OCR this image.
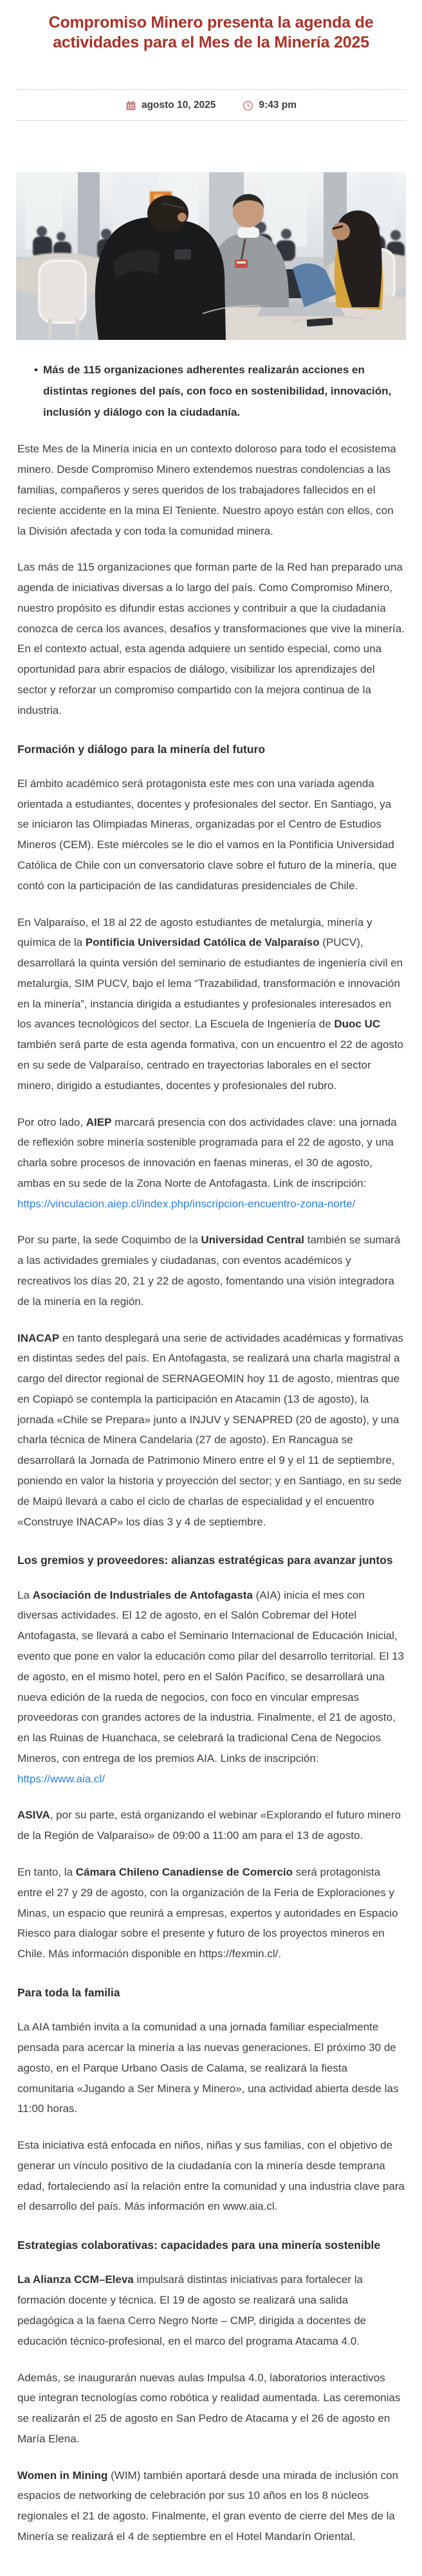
Compromiso Minero presenta la agenda de actividades para el Mes de la Minería 2025
agosto 10, 2025	9:43 pm
• Más de 115 organizaciones adherentes realizarán acciones en distintas regiones del país, con foco en sostenibilidad, innovación, inclusión y diálogo con la ciudadanía.

Este Mes de la Minería inicia en un contexto doloroso para todo el ecosistema minero. Desde Compromiso Minero extendemos nuestras condolencias a las familias, compañeros y seres queridos de los trabajadores fallecidos en el reciente accidente en la mina El Teniente. Nuestro apoyo están con ellos, con la División afectada y con toda la comunidad minera.

Las más de 115 organizaciones que forman parte de la Red han preparado una agenda de iniciativas diversas a lo largo del país. Como Compromiso Minero, nuestro propósito es difundir estas acciones y contribuir a que la ciudadanía conozca de cerca los avances, desafíos y transformaciones que vive la minería. En el contexto actual, esta agenda adquiere un sentido especial, como una oportunidad para abrir espacios de diálogo, visibilizar los aprendizajes del sector y reforzar un compromiso compartido con la mejora continua de la industria.

Formación y diálogo para la minería del futuro

El ámbito académico será protagonista este mes con una variada agenda orientada a estudiantes, docentes y profesionales del sector. En Santiago, ya se iniciaron las Olimpiadas Mineras, organizadas por el Centro de Estudios Mineros (CEM). Este miércoles se le dio el vamos en la Pontificia Universidad Católica de Chile con un conversatorio clave sobre el futuro de la minería, que contó con la participación de las candidaturas presidenciales de Chile.

En Valparaíso, el 18 al 22 de agosto estudiantes de metalurgia, minería y química de la Pontificia Universidad Católica de Valparaíso (PUCV), desarrollará la quinta versión del seminario de estudiantes de ingeniería civil en metalurgia, SIM PUCV, bajo el lema “Trazabilidad, transformación e innovación en la minería”, instancia dirigida a estudiantes y profesionales interesados en los avances tecnológicos del sector. La Escuela de Ingeniería de Duoc UC también será parte de esta agenda formativa, con un encuentro el 22 de agosto en su sede de Valparaíso, centrado en trayectorias laborales en el sector minero, dirigido a estudiantes, docentes y profesionales del rubro.

Por otro lado, AIEP marcará presencia con dos actividades clave: una jornada de reflexión sobre minería sostenible programada para el 22 de agosto, y una charla sobre procesos de innovación en faenas mineras, el 30 de agosto, ambas en su sede de la Zona Norte de Antofagasta. Link de inscripción: https://vinculacion.aiep.cl/index.php/inscripcion-encuentro-zona-norte/

Por su parte, la sede Coquimbo de la Universidad Central también se sumará a las actividades gremiales y ciudadanas, con eventos académicos y recreativos los días 20, 21 y 22 de agosto, fomentando una visión integradora de la minería en la región.

INACAP en tanto desplegará una serie de actividades académicas y formativas en distintas sedes del país. En Antofagasta, se realizará una charla magistral a cargo del director regional de SERNAGEOMIN hoy 11 de agosto, mientras que en Copiapó se contempla la participación en Atacamin (13 de agosto), la jornada «Chile se Prepara» junto a INJUV y SENAPRED (20 de agosto), y una charla técnica de Minera Candelaria (27 de agosto). En Rancagua se desarrollará la Jornada de Patrimonio Minero entre el 9 y el 11 de septiembre, poniendo en valor la historia y proyección del sector; y en Santiago, en su sede de Maipú llevará a cabo el ciclo de charlas de especialidad y el encuentro «Construye INACAP» los días 3 y 4 de septiembre.

Los gremios y proveedores: alianzas estratégicas para avanzar juntos

La Asociación de Industriales de Antofagasta (AIA) inicia el mes con diversas actividades. El 12 de agosto, en el Salón Cobremar del Hotel Antofagasta, se llevará a cabo el Seminario Internacional de Educación Inicial, evento que pone en valor la educación como pilar del desarrollo territorial. El 13 de agosto, en el mismo hotel, pero en el Salón Pacífico, se desarrollará una nueva edición de la rueda de negocios, con foco en vincular empresas proveedoras con grandes actores de la industria. Finalmente, el 21 de agosto, en las Ruinas de Huanchaca, se celebrará la tradicional Cena de Negocios Mineros, con entrega de los premios AIA. Links de inscripción: https://www.aia.cl/

ASIVA, por su parte, está organizando el webinar «Explorando el futuro minero de la Región de Valparaíso» de 09:00 a 11:00 am para el 13 de agosto.

En tanto, la Cámara Chileno Canadiense de Comercio será protagonista entre el 27 y 29 de agosto, con la organización de la Feria de Exploraciones y Minas, un espacio que reunirá a empresas, expertos y autoridades en Espacio Riesco para dialogar sobre el presente y futuro de los proyectos mineros en Chile. Más información disponible en https://fexmin.cl/.

Para toda la familia

La AIA también invita a la comunidad a una jornada familiar especialmente pensada para acercar la minería a las nuevas generaciones. El próximo 30 de agosto, en el Parque Urbano Oasis de Calama, se realizará la fiesta comunitaria «Jugando a Ser Minera y Minero», una actividad abierta desde las 11:00 horas.

Esta iniciativa está enfocada en niños, niñas y sus familias, con el objetivo de generar un vínculo positivo de la ciudadanía con la minería desde temprana edad, fortaleciendo así la relación entre la comunidad y una industria clave para el desarrollo del país. Más información en www.aia.cl.

Estrategias colaborativas: capacidades para una minería sostenible

La Alianza CCM–Eleva impulsará distintas iniciativas para fortalecer la formación docente y técnica. El 19 de agosto se realizará una salida pedagógica a la faena Cerro Negro Norte – CMP, dirigida a docentes de educación técnico-profesional, en el marco del programa Atacama 4.0.

Además, se inaugurarán nuevas aulas Impulsa 4.0, laboratorios interactivos que integran tecnologías como robótica y realidad aumentada. Las ceremonias se realizarán el 25 de agosto en San Pedro de Atacama y el 26 de agosto en María Elena.

Women in Mining (WIM) también aportará desde una mirada de inclusión con espacios de networking de celebración por sus 10 años en los 8 núcleos regionales el 21 de agosto. Finalmente, el gran evento de cierre del Mes de la Minería se realizará el 4 de septiembre en el Hotel Mandarín Oriental.
